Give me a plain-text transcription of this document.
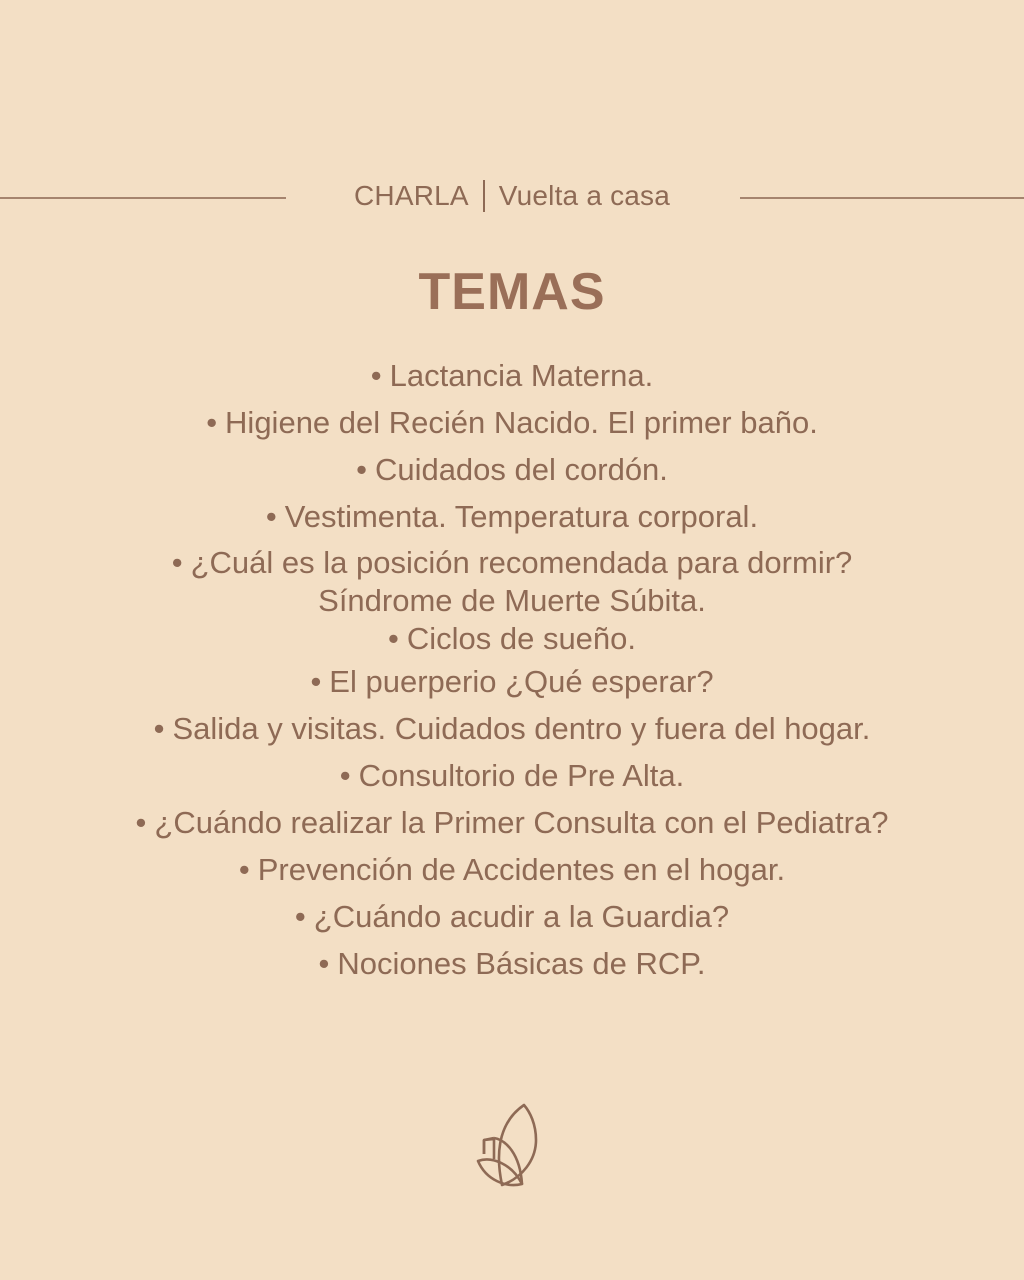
CHARLA Vuelta a casa
TEMAS
• Lactancia Materna.
• Higiene del Recién Nacido. El primer baño.
• Cuidados del cordón.
• Vestimenta. Temperatura corporal.
• ¿Cuál es la posición recomendada para dormir?
Síndrome de Muerte Súbita.
• Ciclos de sueño.
• El puerperio ¿Qué esperar?
• Salida y visitas. Cuidados dentro y fuera del hogar.
• Consultorio de Pre Alta.
• ¿Cuándo realizar la Primer Consulta con el Pediatra?
• Prevención de Accidentes en el hogar.
• ¿Cuándo acudir a la Guardia?
• Nociones Básicas de RCP.
